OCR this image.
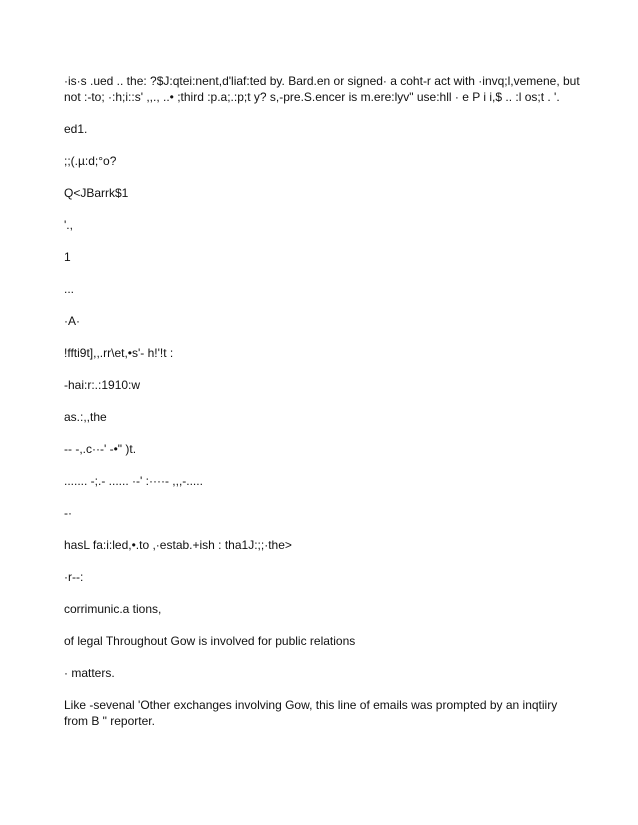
·is·s .ued .. the: ?$J:qtei:nent,d'liaf:ted by. Bard.en or signed· a coht-r act with ·invq;l,vemene, but not :-to; ·:h;i::s' ,,., ..• ;third :p.a;.:p;t y? s,-pre.S.encer is m.ere:lyv" use:hll · e P i i,$ .. :l os;t . '.

ed1.

;;(.µ:d;°o?

Q<JBarrk$1

'.,

1

...

·A·

!ffti9t],,.rr\et,•s'- h!'!t :

-hai:r:.:1910:w

as.:,,the

-- -,.c··-' -•" )t.

....... -;.- ...... ·-' :····- ,,,-.....

-·

hasL fa:i:led,•.to ,·estab.+ish : tha1J:;;·the>

·r--:

corrimunic.a tions,

of legal Throughout Gow is involved for public relations

· matters.

Like -sevenal 'Other exchanges involving Gow, this line of emails was prompted by an inqtiiry from B " reporter.
